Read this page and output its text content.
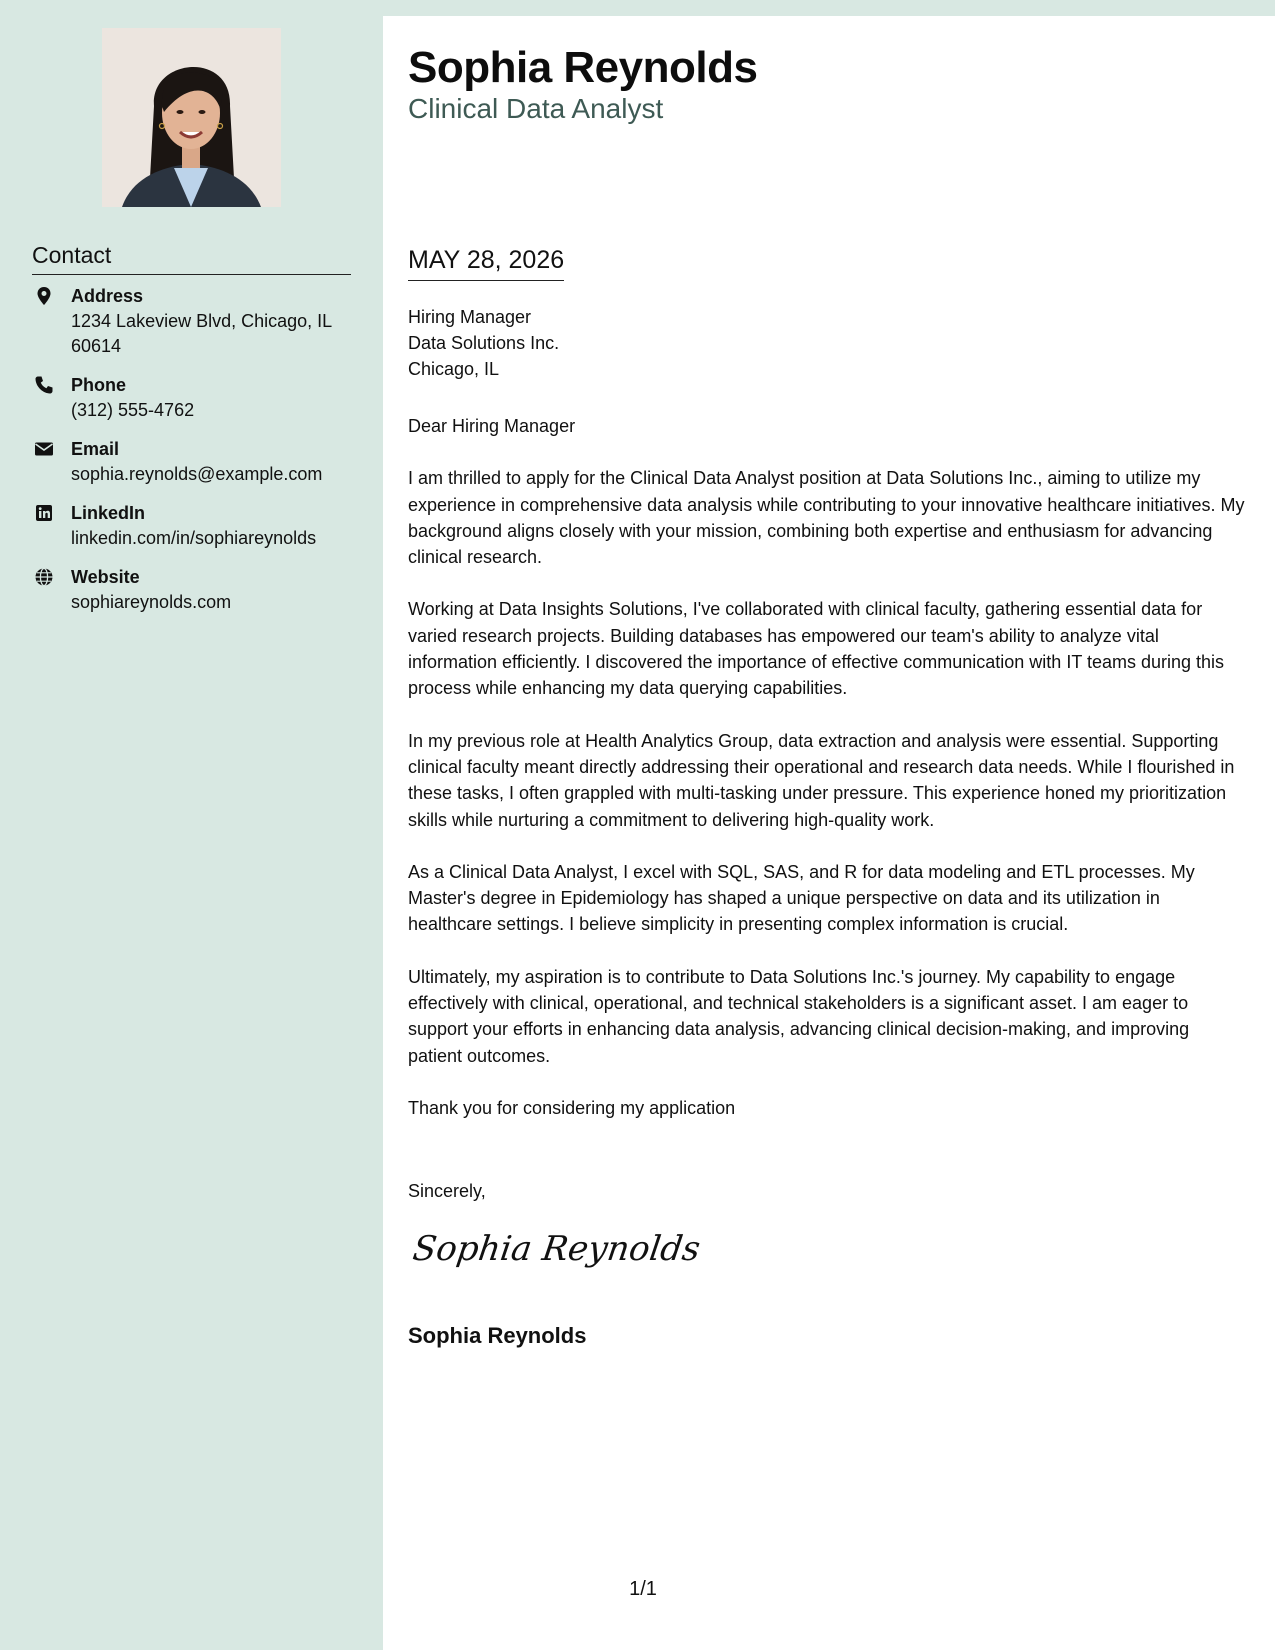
Contact
Address
1234 Lakeview Blvd, Chicago, IL 60614
Phone
(312) 555-4762
Email
sophia.reynolds@example.com
LinkedIn
linkedin.com/in/sophiareynolds
Website
sophiareynolds.com
Sophia Reynolds
Clinical Data Analyst
MAY 28, 2026
Hiring Manager
Data Solutions Inc.
Chicago, IL

Dear Hiring Manager

I am thrilled to apply for the Clinical Data Analyst position at Data Solutions Inc., aiming to utilize my experience in comprehensive data analysis while contributing to your innovative healthcare initiatives. My background aligns closely with your mission, combining both expertise and enthusiasm for advancing clinical research.

Working at Data Insights Solutions, I've collaborated with clinical faculty, gathering essential data for varied research projects. Building databases has empowered our team's ability to analyze vital information efficiently. I discovered the importance of effective communication with IT teams during this process while enhancing my data querying capabilities.

In my previous role at Health Analytics Group, data extraction and analysis were essential. Supporting clinical faculty meant directly addressing their operational and research data needs. While I flourished in these tasks, I often grappled with multi-tasking under pressure. This experience honed my prioritization skills while nurturing a commitment to delivering high-quality work.

As a Clinical Data Analyst, I excel with SQL, SAS, and R for data modeling and ETL processes. My Master's degree in Epidemiology has shaped a unique perspective on data and its utilization in healthcare settings. I believe simplicity in presenting complex information is crucial.

Ultimately, my aspiration is to contribute to Data Solutions Inc.'s journey. My capability to engage effectively with clinical, operational, and technical stakeholders is a significant asset. I am eager to support your efforts in enhancing data analysis, advancing clinical decision-making, and improving patient outcomes.

Thank you for considering my application

Sincerely,
Sophia Reynolds
Sophia Reynolds
1/1
